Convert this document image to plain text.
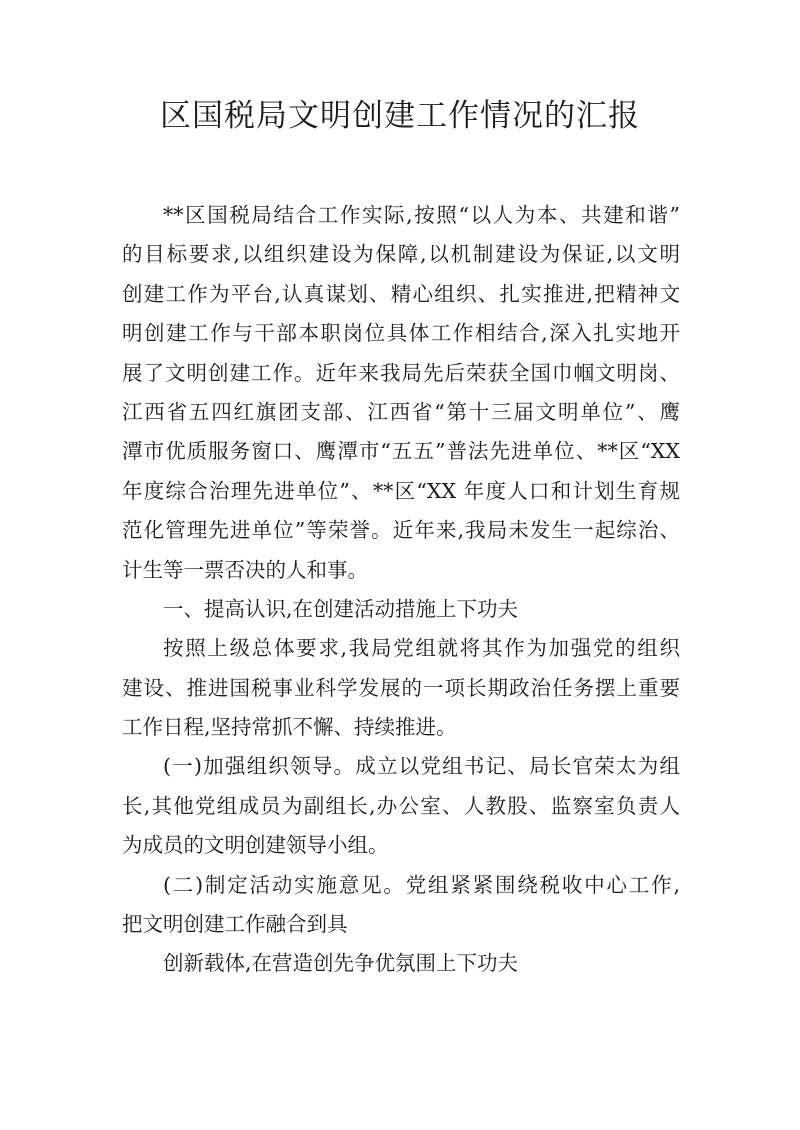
区国税局文明创建工作情况的汇报
**区国税局结合工作实际,按照“以人为本、共建和谐”
的目标要求,以组织建设为保障,以机制建设为保证,以文明
创建工作为平台,认真谋划、精心组织、扎实推进,把精神文
明创建工作与干部本职岗位具体工作相结合,深入扎实地开
展了文明创建工作。近年来我局先后荣获全国巾帼文明岗、
江西省五四红旗团支部、江西省“第十三届文明单位”、鹰
潭市优质服务窗口、鹰潭市“五五”普法先进单位、**区“XX
年度综合治理先进单位”、**区“XX 年度人口和计划生育规
范化管理先进单位”等荣誉。近年来,我局未发生一起综治、
计生等一票否决的人和事。
一、提高认识,在创建活动措施上下功夫
按照上级总体要求,我局党组就将其作为加强党的组织
建设、推进国税事业科学发展的一项长期政治任务摆上重要
工作日程,坚持常抓不懈、持续推进。
(一)加强组织领导。成立以党组书记、局长官荣太为组
长,其他党组成员为副组长,办公室、人教股、监察室负责人
为成员的文明创建领导小组。
(二)制定活动实施意见。党组紧紧围绕税收中心工作,
把文明创建工作融合到具
创新载体,在营造创先争优氛围上下功夫
